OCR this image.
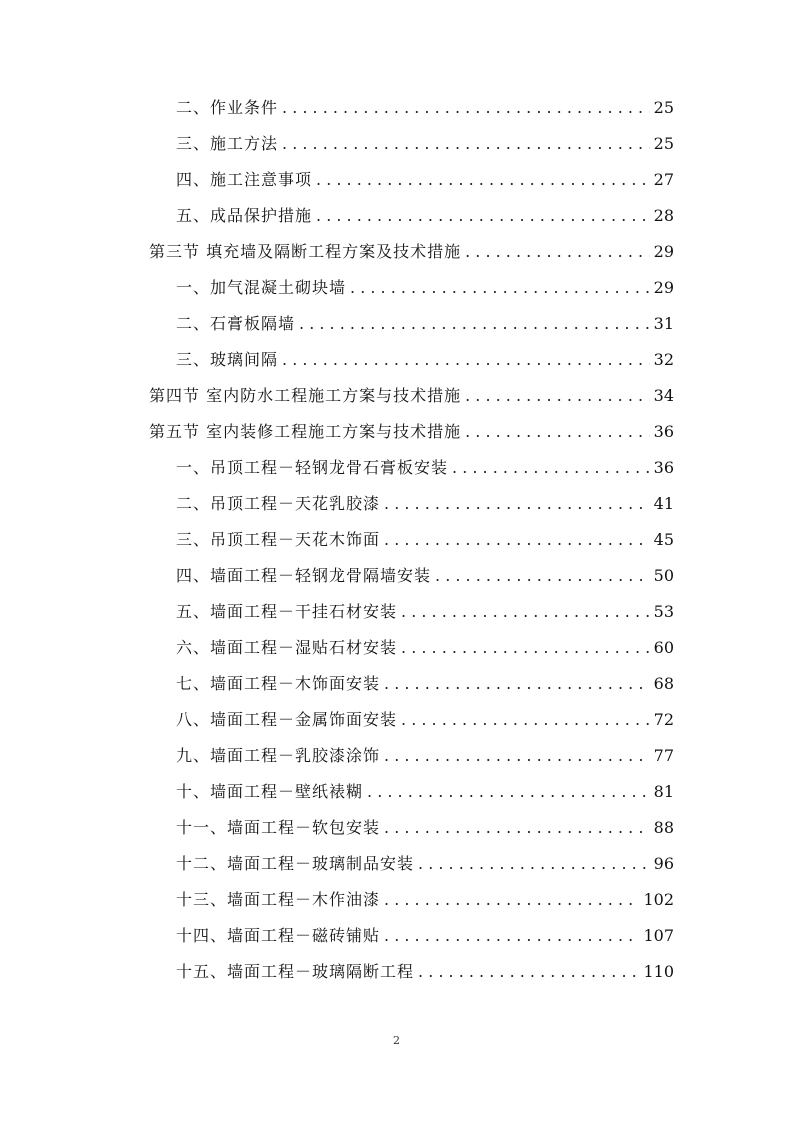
二、作业条件 . . .	25
三、施工方法 . . .	25
四、施工注意事项 . . .	27
五、成品保护措施 . . .	28
第三节 填充墙及隔断工程方案及技术措施 . . .	29
一、加气混凝土砌块墙 . . .	29
二、石膏板隔墙 . . .	31
三、玻璃间隔 . . .	32
第四节 室内防水工程施工方案与技术措施 . . .	34
第五节 室内装修工程施工方案与技术措施 . . .	36
一、吊顶工程－轻钢龙骨石膏板安装 . . .	36
二、吊顶工程－天花乳胶漆 . . .	41
三、吊顶工程－天花木饰面 . . .	45
四、墙面工程－轻钢龙骨隔墙安装 . . .	50
五、墙面工程－干挂石材安装 . . .	53
六、墙面工程－湿贴石材安装 . . .	60
七、墙面工程－木饰面安装 . . .	68
八、墙面工程－金属饰面安装 . . .	72
九、墙面工程－乳胶漆涂饰 . . .	77
十、墙面工程－壁纸裱糊 . . .	81
十一、墙面工程－软包安装 . . .	88
十二、墙面工程－玻璃制品安装 . . .	96
十三、墙面工程－木作油漆 . . .	102
十四、墙面工程－磁砖铺贴 . . .	107
十五、墙面工程－玻璃隔断工程 . . .	110
2
